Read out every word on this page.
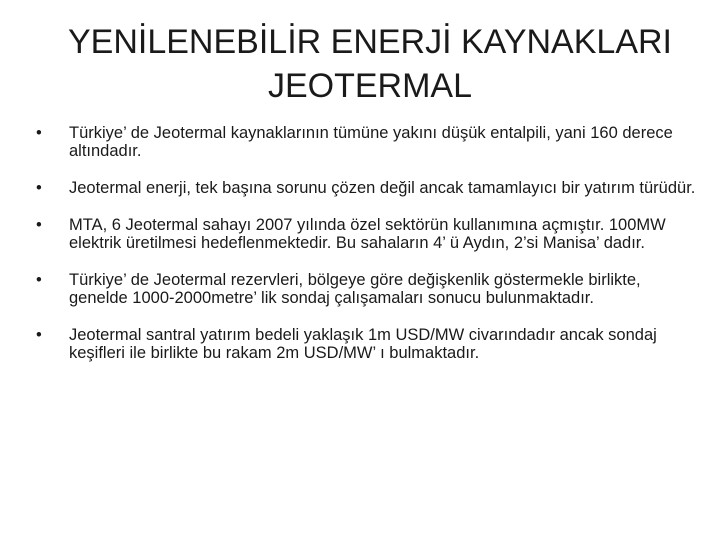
YENİLENEBİLİR ENERJİ KAYNAKLARI
JEOTERMAL
•	Türkiye’ de Jeotermal kaynaklarının tümüne yakını düşük entalpili, yani 160 derece altındadır.
•	Jeotermal enerji, tek başına sorunu çözen değil ancak tamamlayıcı bir yatırım türüdür.
•	MTA, 6 Jeotermal sahayı 2007 yılında özel sektörün kullanımına açmıştır. 100MW elektrik üretilmesi hedeflenmektedir. Bu sahaların 4’ ü Aydın, 2’si Manisa’ dadır.
•	Türkiye’ de Jeotermal rezervleri, bölgeye göre değişkenlik göstermekle birlikte, genelde 1000-2000metre’ lik sondaj çalışamaları sonucu bulunmaktadır.
•	Jeotermal santral yatırım bedeli yaklaşık 1m USD/MW civarındadır ancak sondaj keşifleri ile birlikte bu rakam 2m USD/MW’ ı bulmaktadır.
